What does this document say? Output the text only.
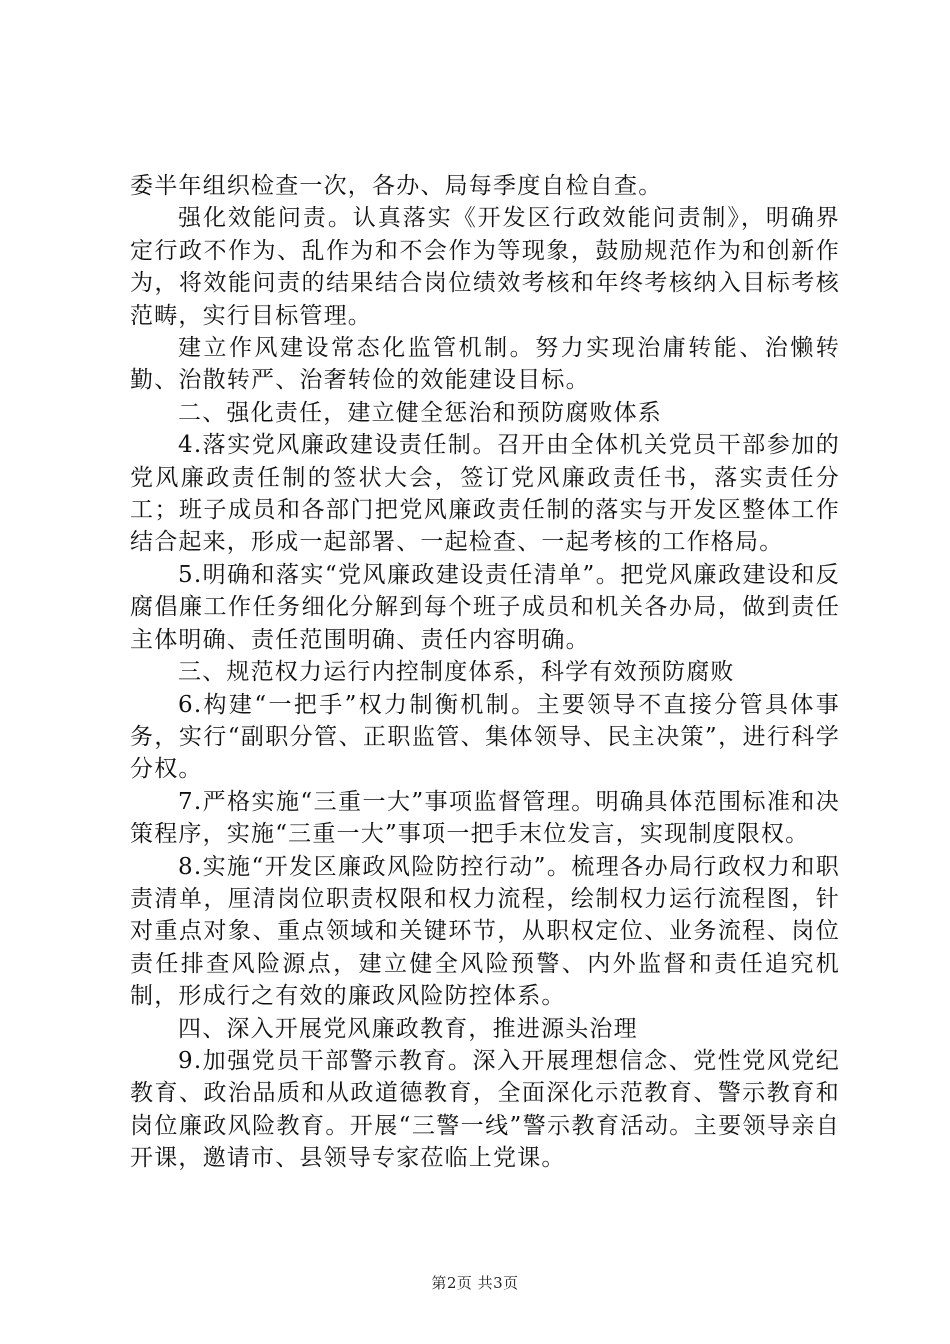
委半年组织检查一次，各办、局每季度自检自查。

强化效能问责。认真落实《开发区行政效能问责制》，明确界定行政不作为、乱作为和不会作为等现象，鼓励规范作为和创新作为，将效能问责的结果结合岗位绩效考核和年终考核纳入目标考核范畴，实行目标管理。

建立作风建设常态化监管机制。努力实现治庸转能、治懒转勤、治散转严、治奢转俭的效能建设目标。

二、强化责任，建立健全惩治和预防腐败体系

4.落实党风廉政建设责任制。召开由全体机关党员干部参加的党风廉政责任制的签状大会，签订党风廉政责任书，落实责任分工；班子成员和各部门把党风廉政责任制的落实与开发区整体工作结合起来，形成一起部署、一起检查、一起考核的工作格局。

5.明确和落实“党风廉政建设责任清单”。把党风廉政建设和反腐倡廉工作任务细化分解到每个班子成员和机关各办局，做到责任主体明确、责任范围明确、责任内容明确。

三、规范权力运行内控制度体系，科学有效预防腐败

6.构建“一把手”权力制衡机制。主要领导不直接分管具体事务，实行“副职分管、正职监管、集体领导、民主决策”，进行科学分权。

7.严格实施“三重一大”事项监督管理。明确具体范围标准和决策程序，实施“三重一大”事项一把手末位发言，实现制度限权。

8.实施“开发区廉政风险防控行动”。梳理各办局行政权力和职责清单，厘清岗位职责权限和权力流程，绘制权力运行流程图，针对重点对象、重点领域和关键环节，从职权定位、业务流程、岗位责任排查风险源点，建立健全风险预警、内外监督和责任追究机制，形成行之有效的廉政风险防控体系。

四、深入开展党风廉政教育，推进源头治理

9.加强党员干部警示教育。深入开展理想信念、党性党风党纪教育、政治品质和从政道德教育，全面深化示范教育、警示教育和岗位廉政风险教育。开展“三警一线”警示教育活动。主要领导亲自开课，邀请市、县领导专家莅临上党课。

第2页 共3页
